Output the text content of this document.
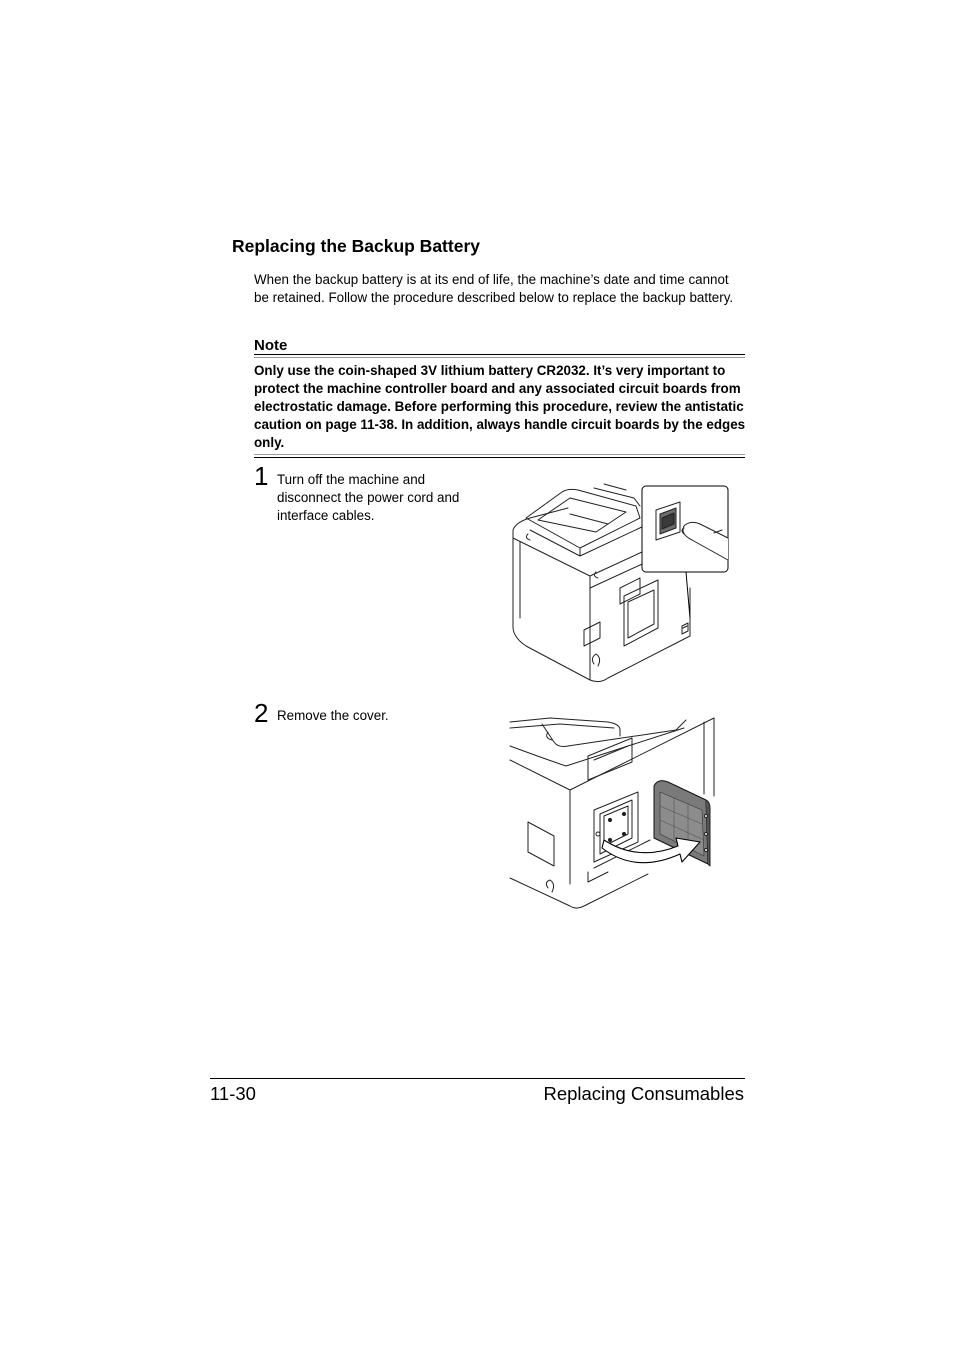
Replacing the Backup Battery
When the backup battery is at its end of life, the machine’s date and time cannot be retained. Follow the procedure described below to replace the backup battery.
Note
Only use the coin-shaped 3V lithium battery CR2032. It’s very important to protect the machine controller board and any associated circuit boards from electrostatic damage. Before performing this procedure, review the antistatic caution on page 11-38. In addition, always handle circuit boards by the edges only.
1 Turn off the machine and disconnect the power cord and interface cables.
2 Remove the cover.
11-30	Replacing Consumables
